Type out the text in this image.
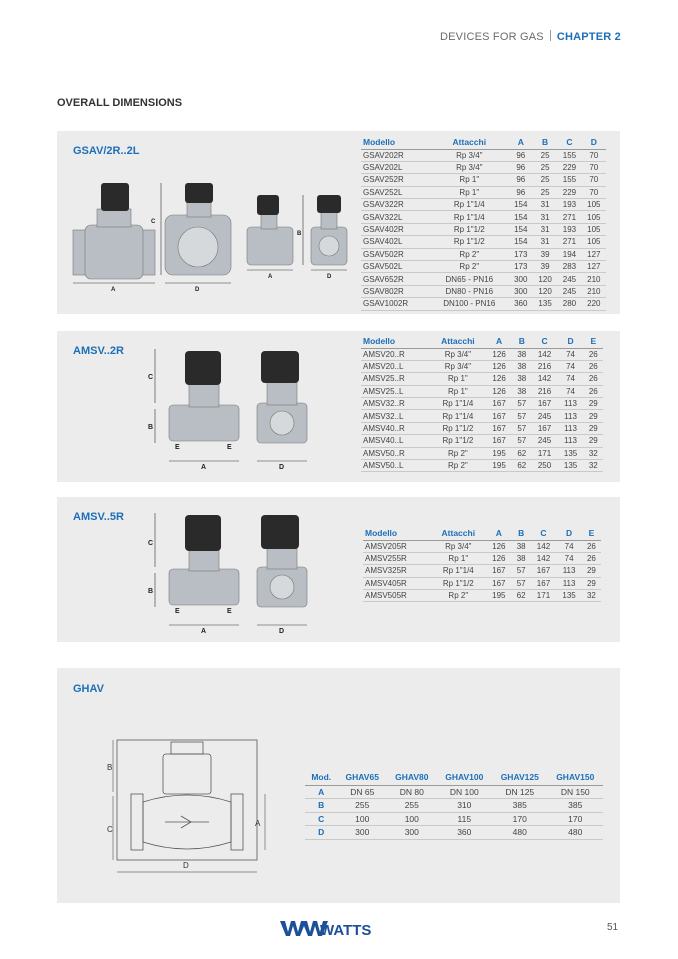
DEVICES FOR GAS CHAPTER 2
OVERALL DIMENSIONS
GSAV/2R..2L
A
C
D
A
B
D
Modello	Attacchi	A	B	C	D
GSAV202R	Rp 3/4"	96	25	155	70
GSAV202L	Rp 3/4"	96	25	229	70
GSAV252R	Rp 1"	96	25	155	70
GSAV252L	Rp 1"	96	25	229	70
GSAV322R	Rp 1"1/4	154	31	193	105
GSAV322L	Rp 1"1/4	154	31	271	105
GSAV402R	Rp 1"1/2	154	31	193	105
GSAV402L	Rp 1"1/2	154	31	271	105
GSAV502R	Rp 2"	173	39	194	127
GSAV502L	Rp 2"	173	39	283	127
GSAV652R	DN65 - PN16	300	120	245	210
GSAV802R	DN80 - PN16	300	120	245	210
GSAV1002R	DN100 - PN16	360	135	280	220
AMSV..2R
C
B
E	E
A	D
Modello	Attacchi	A	B	C	D	E
AMSV20..R	Rp 3/4"	126	38	142	74	26
AMSV20..L	Rp 3/4"	126	38	216	74	26
AMSV25..R	Rp 1"	126	38	142	74	26
AMSV25..L	Rp 1"	126	38	216	74	26
AMSV32..R	Rp 1"1/4	167	57	167	113	29
AMSV32..L	Rp 1"1/4	167	57	245	113	29
AMSV40..R	Rp 1"1/2	167	57	167	113	29
AMSV40..L	Rp 1"1/2	167	57	245	113	29
AMSV50..R	Rp 2"	195	62	171	135	32
AMSV50..L	Rp 2"	195	62	250	135	32
AMSV..5R
C
B
E	E
A	D
Modello	Attacchi	A	B	C	D	E
AMSV205R	Rp 3/4"	126	38	142	74	26
AMSV255R	Rp 1"	126	38	142	74	26
AMSV325R	Rp 1"1/4	167	57	167	113	29
AMSV405R	Rp 1"1/2	167	57	167	113	29
AMSV505R	Rp 2"	195	62	171	135	32
GHAV
B
C
D
A
Mod.	GHAV65	GHAV80	GHAV100	GHAV125	GHAV150
A	DN 65	DN 80	DN 100	DN 125	DN 150
B	255	255	310	385	385
C	100	100	115	170	170
D	300	300	360	480	480
WATTS	51
